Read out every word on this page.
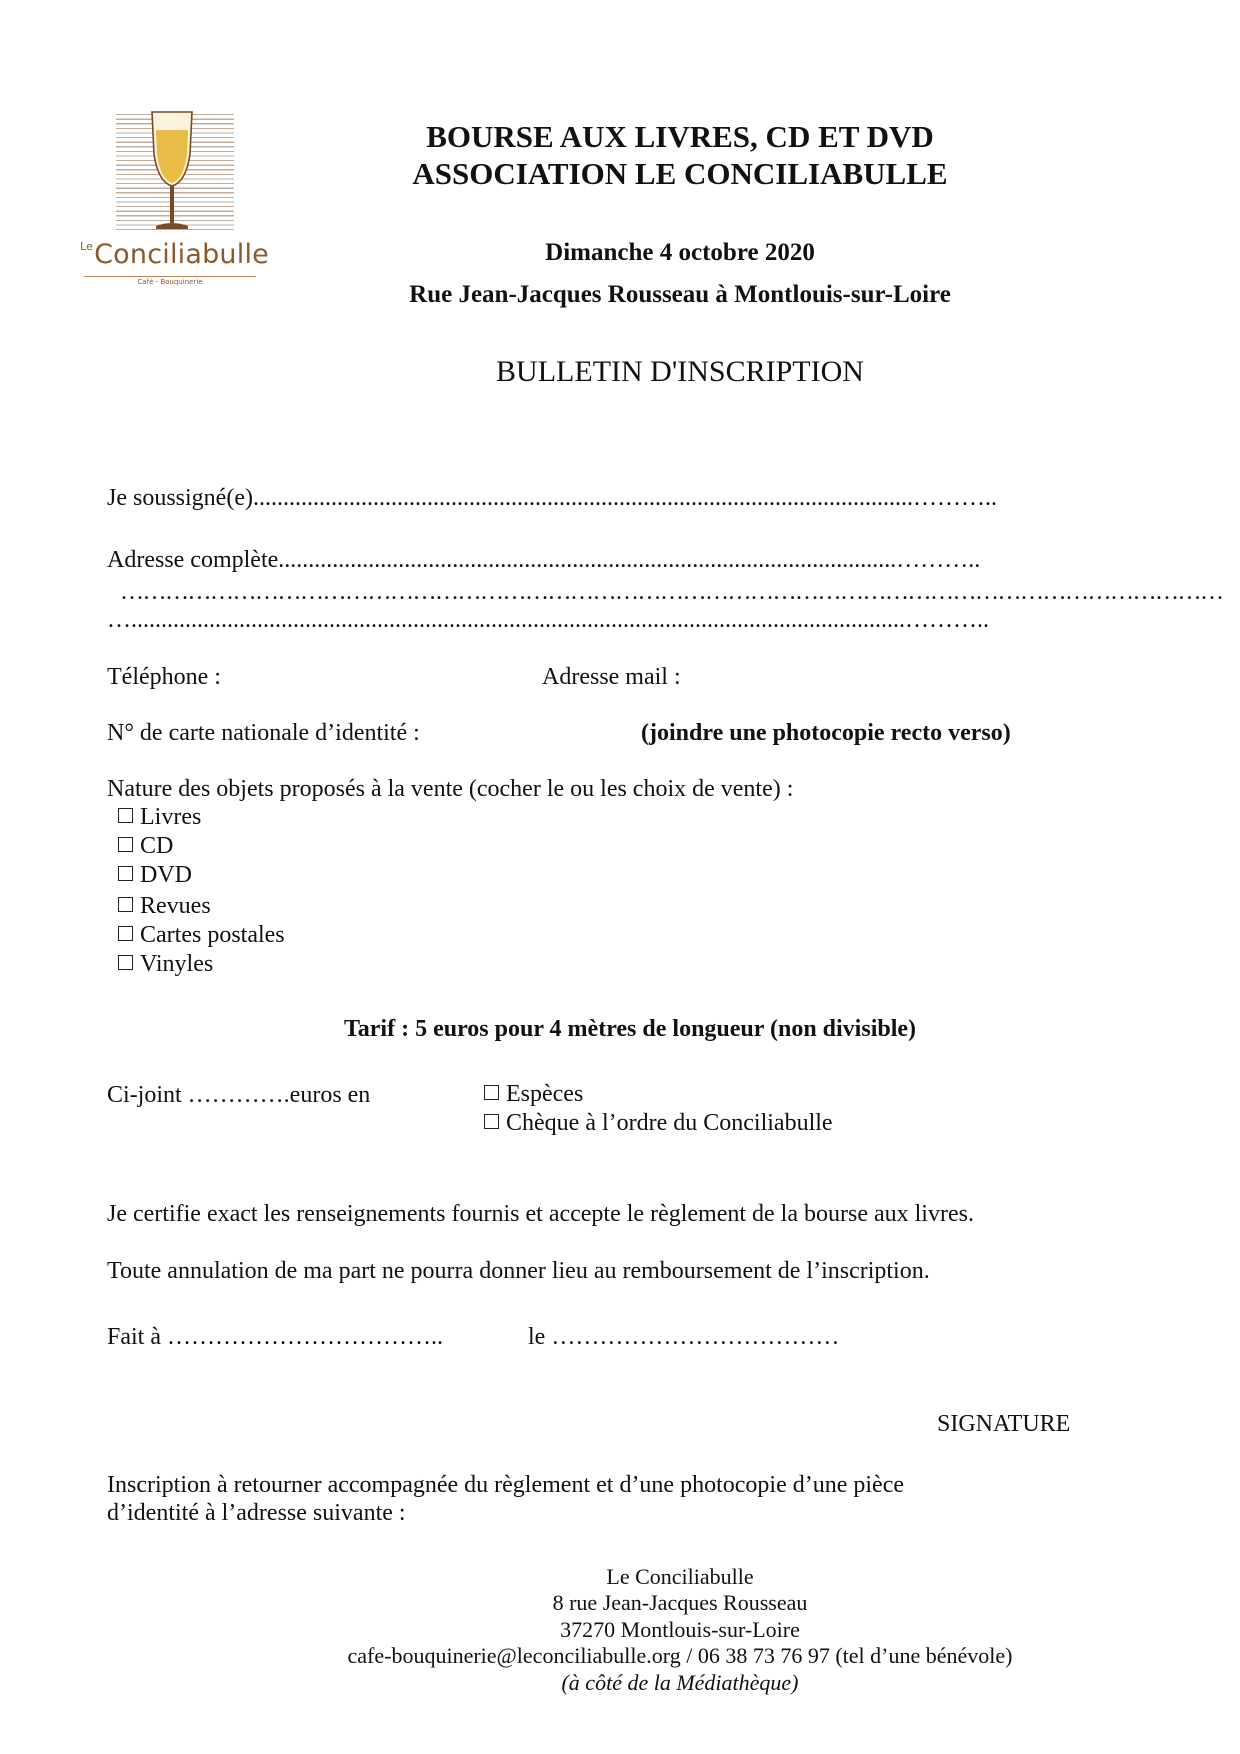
$^{Le}$Conciliabulle
Café - Bouquinerie
BOURSE AUX LIVRES, CD ET DVD
ASSOCIATION LE CONCILIABULLE
Dimanche 4 octobre 2020
Rue Jean-Jacques Rousseau à Montlouis-sur-Loire
BULLETIN D'INSCRIPTION
Je soussigné(e)..............................................................................................................………..
Adresse complète.......................................................................................................………..
…………………………………………………………………………………………………………………………………
….................................................................................................................................………..
Téléphone :	Adresse mail :
N° de carte nationale d’identité :	(joindre une photocopie recto verso)
Nature des objets proposés à la vente (cocher le ou les choix de vente) :
Livres
CD
DVD
Revues
Cartes postales
Vinyles
Tarif : 5 euros pour 4 mètres de longueur (non divisible)
Ci-joint ………….euros en	Espèces
Chèque à l’ordre du Conciliabulle
Je certifie exact les renseignements fournis et accepte le règlement de la bourse aux livres.
Toute annulation de ma part ne pourra donner lieu au remboursement de l’inscription.
Fait à ……………………………..	le ………………………………
SIGNATURE
Inscription à retourner accompagnée du règlement et d’une photocopie d’une pièce
d’identité à l’adresse suivante :
Le Conciliabulle
8 rue Jean-Jacques Rousseau
37270 Montlouis-sur-Loire
cafe-bouquinerie@leconciliabulle.org / 06 38 73 76 97 (tel d’une bénévole)
(à côté de la Médiathèque)
